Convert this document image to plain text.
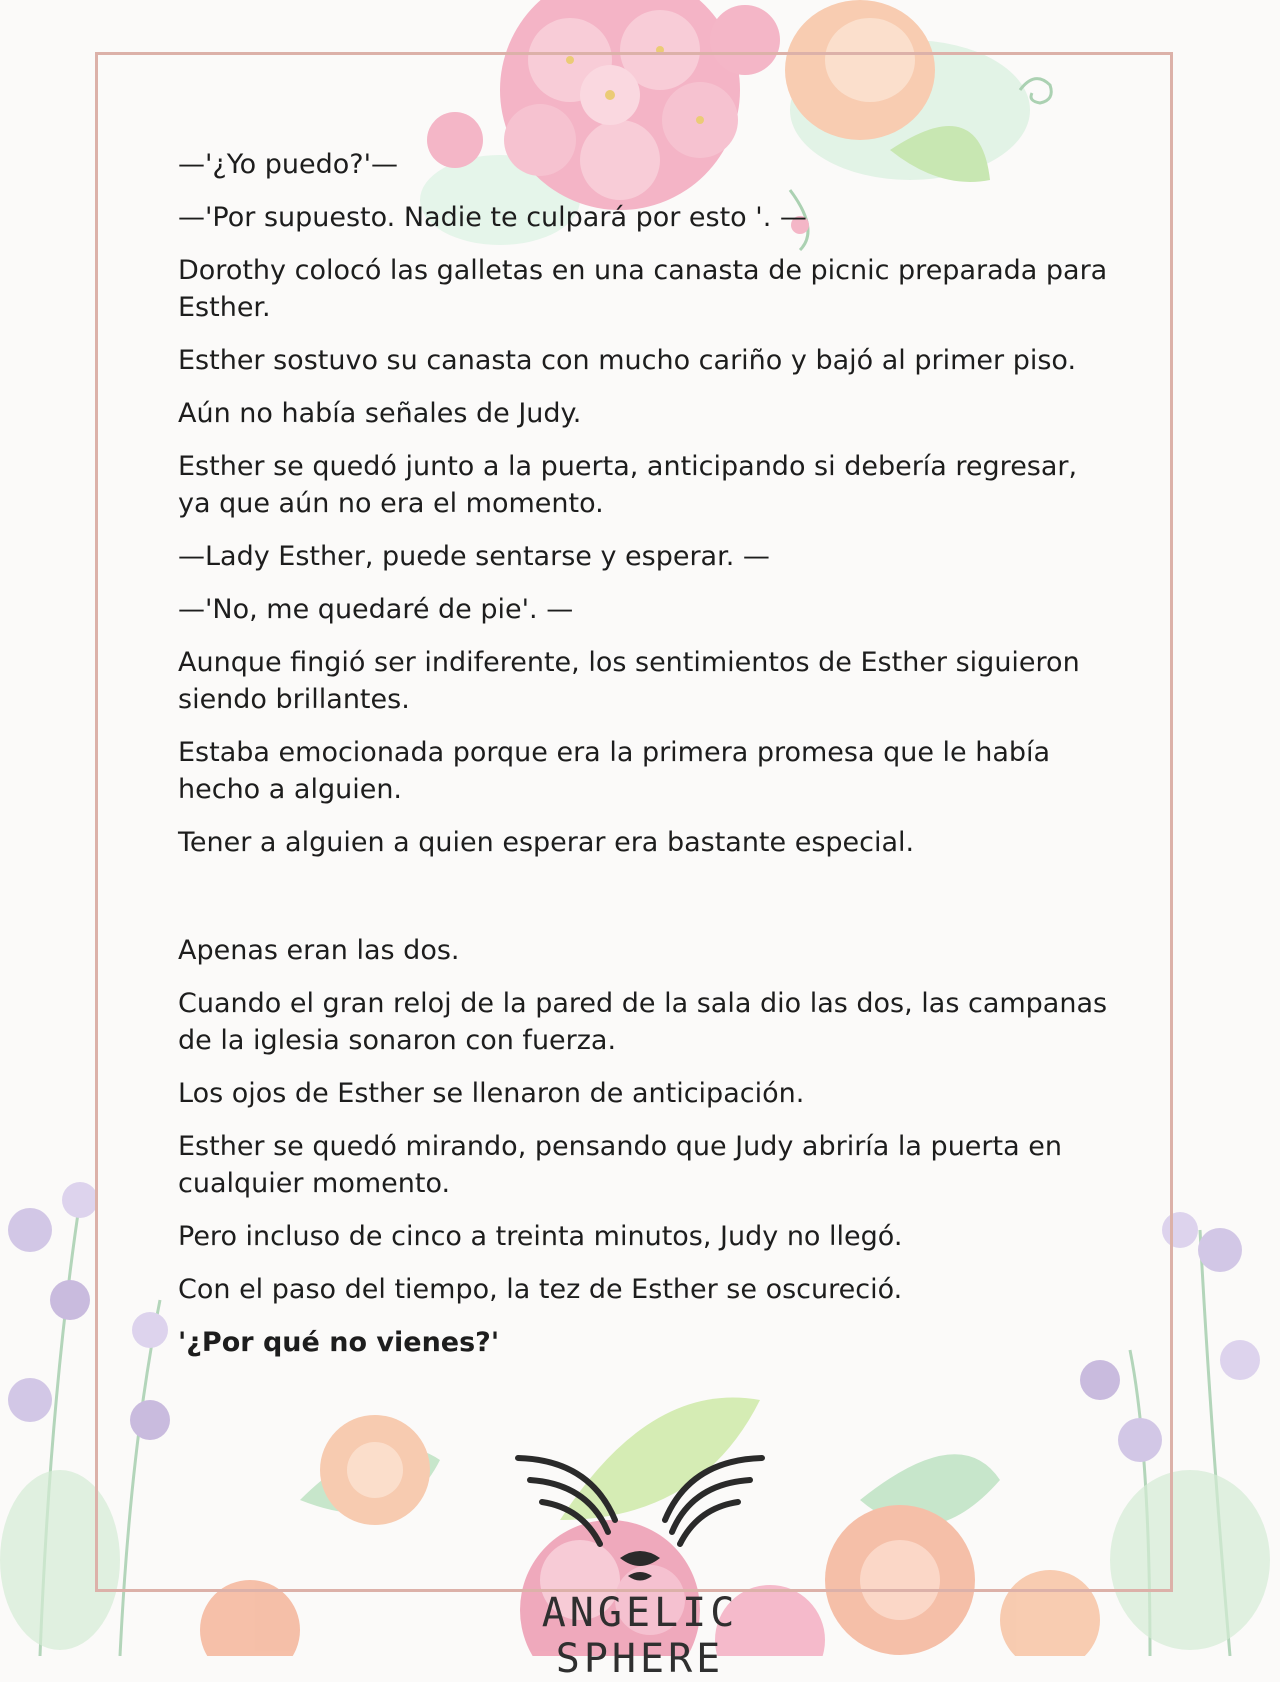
—'¿Yo puedo?'—

—'Por supuesto. Nadie te culpará por esto '. —

Dorothy colocó las galletas en una canasta de picnic preparada para Esther.

Esther sostuvo su canasta con mucho cariño y bajó al primer piso.

Aún no había señales de Judy.

Esther se quedó junto a la puerta, anticipando si debería regresar, ya que aún no era el momento.

—Lady Esther, puede sentarse y esperar. —

—'No, me quedaré de pie'. —

Aunque fingió ser indiferente, los sentimientos de Esther siguieron siendo brillantes.

Estaba emocionada porque era la primera promesa que le había hecho a alguien.

Tener a alguien a quien esperar era bastante especial.

Apenas eran las dos.

Cuando el gran reloj de la pared de la sala dio las dos, las campanas de la iglesia sonaron con fuerza.

Los ojos de Esther se llenaron de anticipación.

Esther se quedó mirando, pensando que Judy abriría la puerta en cualquier momento.

Pero incluso de cinco a treinta minutos, Judy no llegó.

Con el paso del tiempo, la tez de Esther se oscureció.

'¿Por qué no vienes?'

ANGELIC SPHERE
